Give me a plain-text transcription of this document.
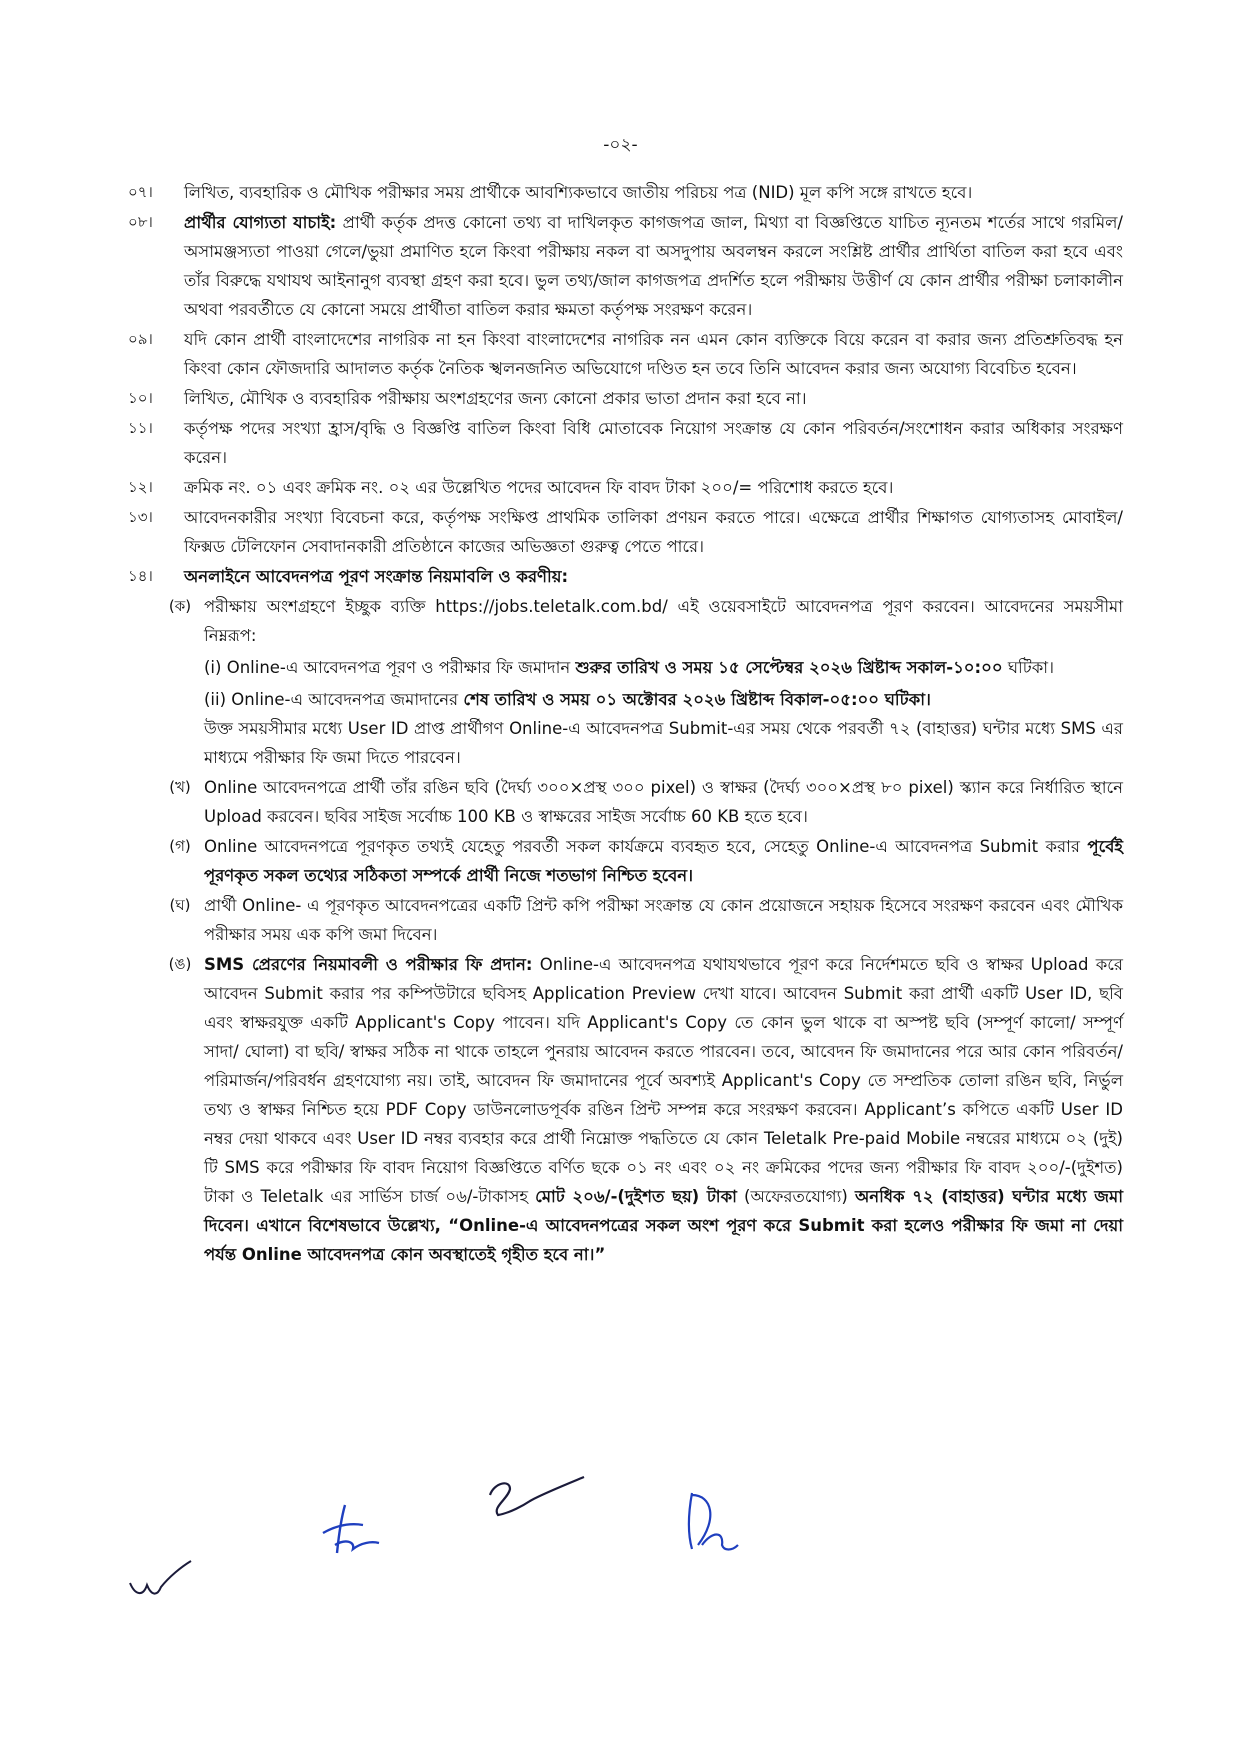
-০২-
০৭।	লিখিত, ব্যবহারিক ও মৌখিক পরীক্ষার সময় প্রার্থীকে আবশ্যিকভাবে জাতীয় পরিচয় পত্র (NID) মূল কপি সঙ্গে রাখতে হবে।
০৮।	প্রার্থীর যোগ্যতা যাচাই: প্রার্থী কর্তৃক প্রদত্ত কোনো তথ্য বা দাখিলকৃত কাগজপত্র জাল, মিথ্যা বা বিজ্ঞপ্তিতে যাচিত ন্যূনতম শর্তের সাথে গরমিল/অসামঞ্জস্যতা পাওয়া গেলে/ভুয়া প্রমাণিত হলে কিংবা পরীক্ষায় নকল বা অসদুপায় অবলম্বন করলে সংশ্লিষ্ট প্রার্থীর প্রার্থিতা বাতিল করা হবে এবং তাঁর বিরুদ্ধে যথাযথ আইনানুগ ব্যবস্থা গ্রহণ করা হবে। ভুল তথ্য/জাল কাগজপত্র প্রদর্শিত হলে পরীক্ষায় উত্তীর্ণ যে কোন প্রার্থীর পরীক্ষা চলাকালীন অথবা পরবর্তীতে যে কোনো সময়ে প্রার্থীতা বাতিল করার ক্ষমতা কর্তৃপক্ষ সংরক্ষণ করেন।
০৯।	যদি কোন প্রার্থী বাংলাদেশের নাগরিক না হন কিংবা বাংলাদেশের নাগরিক নন এমন কোন ব্যক্তিকে বিয়ে করেন বা করার জন্য প্রতিশ্রুতিবদ্ধ হন কিংবা কোন ফৌজদারি আদালত কর্তৃক নৈতিক স্খলনজনিত অভিযোগে দণ্ডিত হন তবে তিনি আবেদন করার জন্য অযোগ্য বিবেচিত হবেন।
১০।	লিখিত, মৌখিক ও ব্যবহারিক পরীক্ষায় অংশগ্রহণের জন্য কোনো প্রকার ভাতা প্রদান করা হবে না।
১১।	কর্তৃপক্ষ পদের সংখ্যা হ্রাস/বৃদ্ধি ও বিজ্ঞপ্তি বাতিল কিংবা বিধি মোতাবেক নিয়োগ সংক্রান্ত যে কোন পরিবর্তন/সংশোধন করার অধিকার সংরক্ষণ করেন।
১২।	ক্রমিক নং. ০১ এবং ক্রমিক নং. ০২ এর উল্লেখিত পদের আবেদন ফি বাবদ টাকা ২০০/= পরিশোধ করতে হবে।
১৩।	আবেদনকারীর সংখ্যা বিবেচনা করে, কর্তৃপক্ষ সংক্ষিপ্ত প্রাথমিক তালিকা প্রণয়ন করতে পারে। এক্ষেত্রে প্রার্থীর শিক্ষাগত যোগ্যতাসহ মোবাইল/ফিক্সড টেলিফোন সেবাদানকারী প্রতিষ্ঠানে কাজের অভিজ্ঞতা গুরুত্ব পেতে পারে।
১৪।	অনলাইনে আবেদনপত্র পূরণ সংক্রান্ত নিয়মাবলি ও করণীয়:
(ক) পরীক্ষায় অংশগ্রহণে ইচ্ছুক ব্যক্তি https://jobs.teletalk.com.bd/ এই ওয়েবসাইটে আবেদনপত্র পূরণ করবেন। আবেদনের সময়সীমা নিম্নরূপ:
(i) Online-এ আবেদনপত্র পূরণ ও পরীক্ষার ফি জমাদান শুরুর তারিখ ও সময় ১৫ সেপ্টেম্বর ২০২৬ খ্রিষ্টাব্দ সকাল-১০:০০ ঘটিকা।
(ii) Online-এ আবেদনপত্র জমাদানের শেষ তারিখ ও সময় ০১ অক্টোবর ২০২৬ খ্রিষ্টাব্দ বিকাল-০৫:০০ ঘটিকা।
উক্ত সময়সীমার মধ্যে User ID প্রাপ্ত প্রার্থীগণ Online-এ আবেদনপত্র Submit-এর সময় থেকে পরবর্তী ৭২ (বাহাত্তর) ঘন্টার মধ্যে SMS এর মাধ্যমে পরীক্ষার ফি জমা দিতে পারবেন।
(খ) Online আবেদনপত্রে প্রার্থী তাঁর রঙিন ছবি (দৈর্ঘ্য ৩০০×প্রস্থ ৩০০ pixel) ও স্বাক্ষর (দৈর্ঘ্য ৩০০×প্রস্থ ৮০ pixel) স্ক্যান করে নির্ধারিত স্থানে Upload করবেন। ছবির সাইজ সর্বোচ্চ 100 KB ও স্বাক্ষরের সাইজ সর্বোচ্চ 60 KB হতে হবে।
(গ) Online আবেদনপত্রে পূরণকৃত তথ্যই যেহেতু পরবর্তী সকল কার্যক্রমে ব্যবহৃত হবে, সেহেতু Online-এ আবেদনপত্র Submit করার পূর্বেই পূরণকৃত সকল তথ্যের সঠিকতা সম্পর্কে প্রার্থী নিজে শতভাগ নিশ্চিত হবেন।
(ঘ) প্রার্থী Online- এ পূরণকৃত আবেদনপত্রের একটি প্রিন্ট কপি পরীক্ষা সংক্রান্ত যে কোন প্রয়োজনে সহায়ক হিসেবে সংরক্ষণ করবেন এবং মৌখিক পরীক্ষার সময় এক কপি জমা দিবেন।
(ঙ) SMS প্রেরণের নিয়মাবলী ও পরীক্ষার ফি প্রদান: Online-এ আবেদনপত্র যথাযথভাবে পূরণ করে নির্দেশমতে ছবি ও স্বাক্ষর Upload করে আবেদন Submit করার পর কম্পিউটারে ছবিসহ Application Preview দেখা যাবে। আবেদন Submit করা প্রার্থী একটি User ID, ছবি এবং স্বাক্ষরযুক্ত একটি Applicant's Copy পাবেন। যদি Applicant's Copy তে কোন ভুল থাকে বা অস্পষ্ট ছবি (সম্পূর্ণ কালো/ সম্পূর্ণ সাদা/ ঘোলা) বা ছবি/ স্বাক্ষর সঠিক না থাকে তাহলে পুনরায় আবেদন করতে পারবেন। তবে, আবেদন ফি জমাদানের পরে আর কোন পরিবর্তন/পরিমার্জন/পরিবর্ধন গ্রহণযোগ্য নয়। তাই, আবেদন ফি জমাদানের পূর্বে অবশ্যই Applicant's Copy তে সম্প্রতিক তোলা রঙিন ছবি, নির্ভুল তথ্য ও স্বাক্ষর নিশ্চিত হয়ে PDF Copy ডাউনলোডপূর্বক রঙিন প্রিন্ট সম্পন্ন করে সংরক্ষণ করবেন। Applicant’s কপিতে একটি User ID নম্বর দেয়া থাকবে এবং User ID নম্বর ব্যবহার করে প্রার্থী নিম্নোক্ত পদ্ধতিতে যে কোন Teletalk Pre-paid Mobile নম্বরের মাধ্যমে ০২ (দুই) টি SMS করে পরীক্ষার ফি বাবদ নিয়োগ বিজ্ঞপ্তিতে বর্ণিত ছকে ০১ নং এবং ০২ নং ক্রমিকের পদের জন্য পরীক্ষার ফি বাবদ ২০০/-(দুইশত) টাকা ও Teletalk এর সার্ভিস চার্জ ০৬/-টাকাসহ মোট ২০৬/-(দুইশত ছয়) টাকা (অফেরতযোগ্য) অনধিক ৭২ (বাহাত্তর) ঘন্টার মধ্যে জমা দিবেন। এখানে বিশেষভাবে উল্লেখ্য, “Online-এ আবেদনপত্রের সকল অংশ পূরণ করে Submit করা হলেও পরীক্ষার ফি জমা না দেয়া পর্যন্ত Online আবেদনপত্র কোন অবস্থাতেই গৃহীত হবে না।”
